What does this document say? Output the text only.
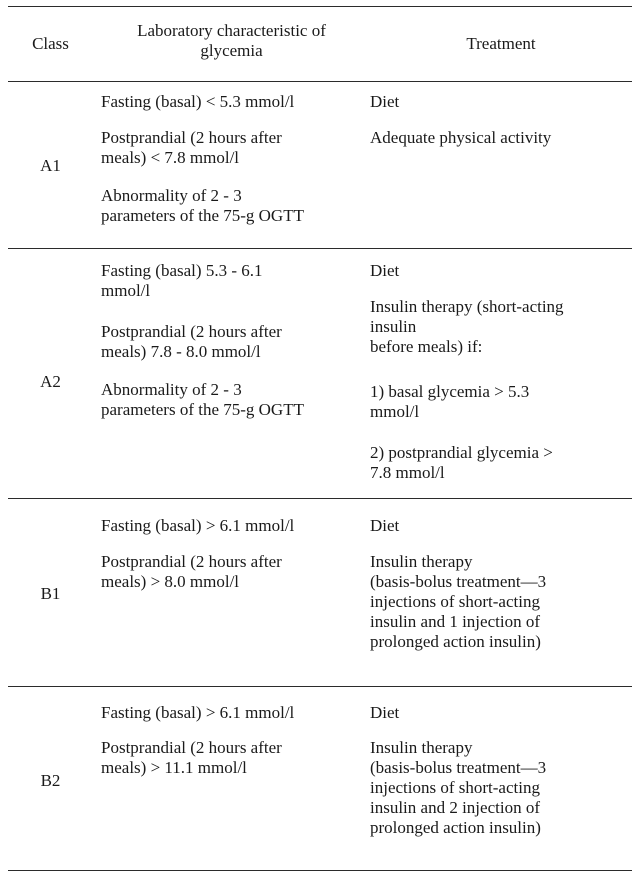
Class
Laboratory characteristic of
glycemia	Treatment
A1
Fasting (basal) < 5.3 mmol/l
Postprandial (2 hours after
meals) < 7.8 mmol/l
Abnormality of 2 - 3
parameters of the 75-g OGTT
Diet
Adequate physical activity
A2
Fasting (basal) 5.3 - 6.1
mmol/l
Postprandial (2 hours after
meals) 7.8 - 8.0 mmol/l
Abnormality of 2 - 3
parameters of the 75-g OGTT
Diet
Insulin therapy (short-acting
insulin
before meals) if:
1) basal glycemia > 5.3
mmol/l
2) postprandial glycemia >
7.8 mmol/l
B1
Fasting (basal) > 6.1 mmol/l
Postprandial (2 hours after
meals) > 8.0 mmol/l
Diet
Insulin therapy
(basis-bolus treatment—3
injections of short-acting
insulin and 1 injection of
prolonged action insulin)
B2
Fasting (basal) > 6.1 mmol/l
Postprandial (2 hours after
meals) > 11.1 mmol/l
Diet
Insulin therapy
(basis-bolus treatment—3
injections of short-acting
insulin and 2 injection of
prolonged action insulin)
